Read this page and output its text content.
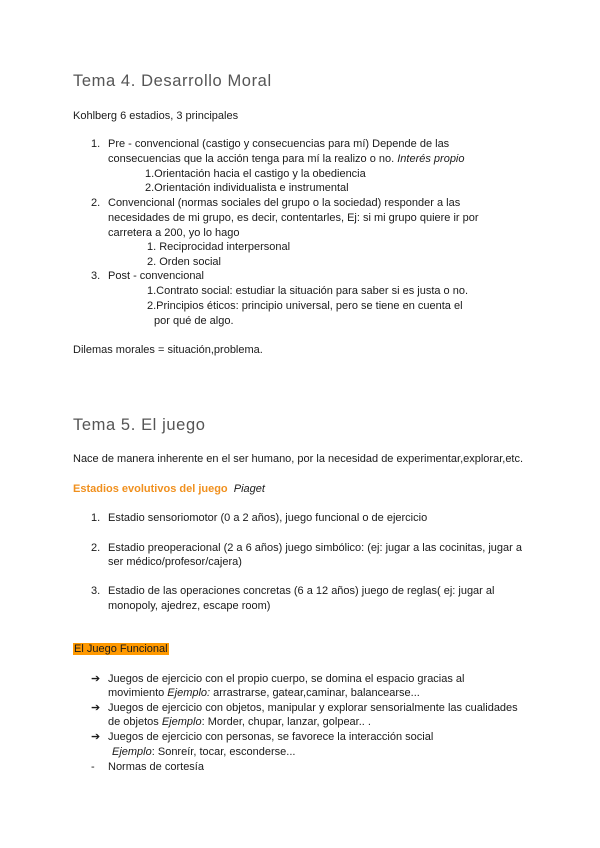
Tema 4. Desarrollo Moral
Kohlberg 6 estadios, 3 principales
1. Pre - convencional (castigo y consecuencias para mí) Depende de las
consecuencias que la acción tenga para mí la realizo o no. Interés propio
1.Orientación hacia el castigo y la obediencia
2.Orientación individualista e instrumental
2. Convencional (normas sociales del grupo o la sociedad) responder a las
necesidades de mi grupo, es decir, contentarles, Ej: si mi grupo quiere ir por
carretera a 200, yo lo hago
1. Reciprocidad interpersonal
2. Orden social
3. Post - convencional
1.Contrato social: estudiar la situación para saber si es justa o no.
2.Principios éticos: principio universal, pero se tiene en cuenta el
por qué de algo.
Dilemas morales = situación,problema.
Tema 5. El juego
Nace de manera inherente en el ser humano, por la necesidad de experimentar,explorar,etc.
Estadios evolutivos del juego Piaget
1. Estadio sensoriomotor (0 a 2 años), juego funcional o de ejercicio
2. Estadio preoperacional (2 a 6 años) juego simbólico: (ej: jugar a las cocinitas, jugar a
ser médico/profesor/cajera)
3. Estadio de las operaciones concretas (6 a 12 años) juego de reglas( ej: jugar al
monopoly, ajedrez, escape room)
El Juego Funcional
➔ Juegos de ejercicio con el propio cuerpo, se domina el espacio gracias al
movimiento Ejemplo: arrastrarse, gatear,caminar, balancearse...
➔ Juegos de ejercicio con objetos, manipular y explorar sensorialmente las cualidades
de objetos Ejemplo: Morder, chupar, lanzar, golpear.. .
➔ Juegos de ejercicio con personas, se favorece la interacción social
Ejemplo: Sonreír, tocar, esconderse...
- Normas de cortesía
